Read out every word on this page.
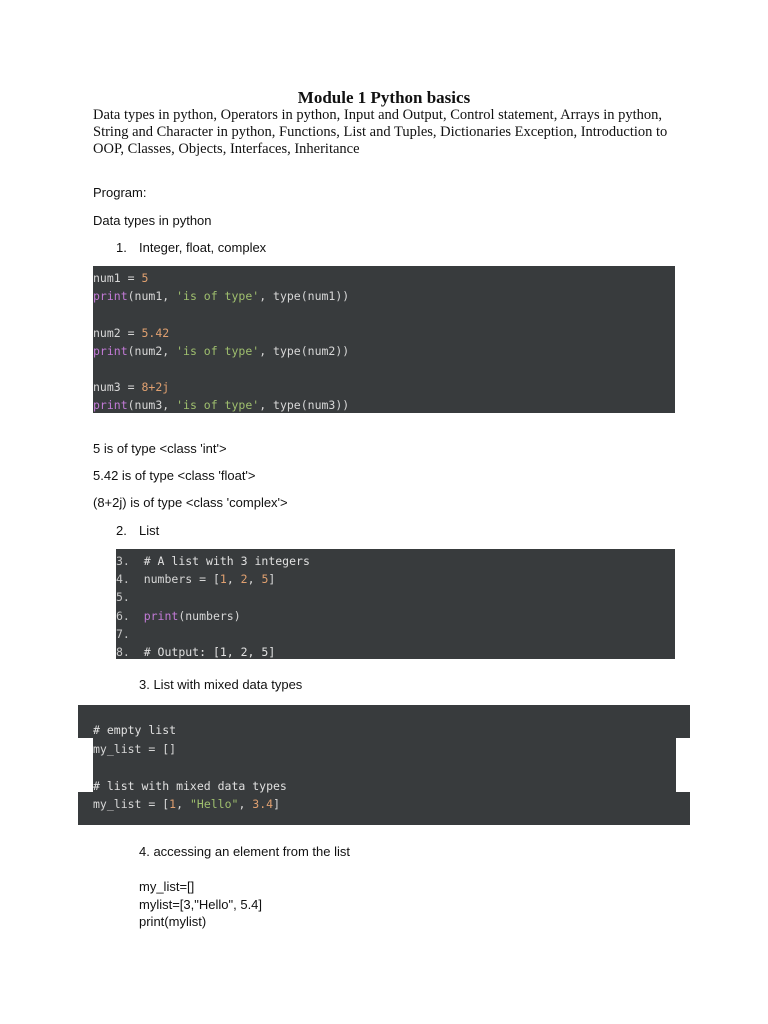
Module 1 Python basics
Data types in python, Operators in python, Input and Output, Control statement, Arrays in python, String and Character in python, Functions, List and Tuples, Dictionaries Exception, Introduction to OOP, Classes, Objects, Interfaces, Inheritance
Program:
Data types in python
1. Integer, float, complex
num1 = 5
print(num1, 'is of type', type(num1))
num2 = 5.42
print(num2, 'is of type', type(num2))
num3 = 8+2j
print(num3, 'is of type', type(num3))
5 is of type <class 'int'>
5.42 is of type <class 'float'>
(8+2j) is of type <class 'complex'>
2. List
3.  # A list with 3 integers
4.  numbers = [1, 2, 5]
5.
6.  print(numbers)
7.
8.  # Output: [1, 2, 5]
3. List with mixed data types
# empty list
my_list = []
# list with mixed data types
my_list = [1, "Hello", 3.4]
4. accessing an element from the list
my_list=[]
mylist=[3,"Hello", 5.4]
print(mylist)
